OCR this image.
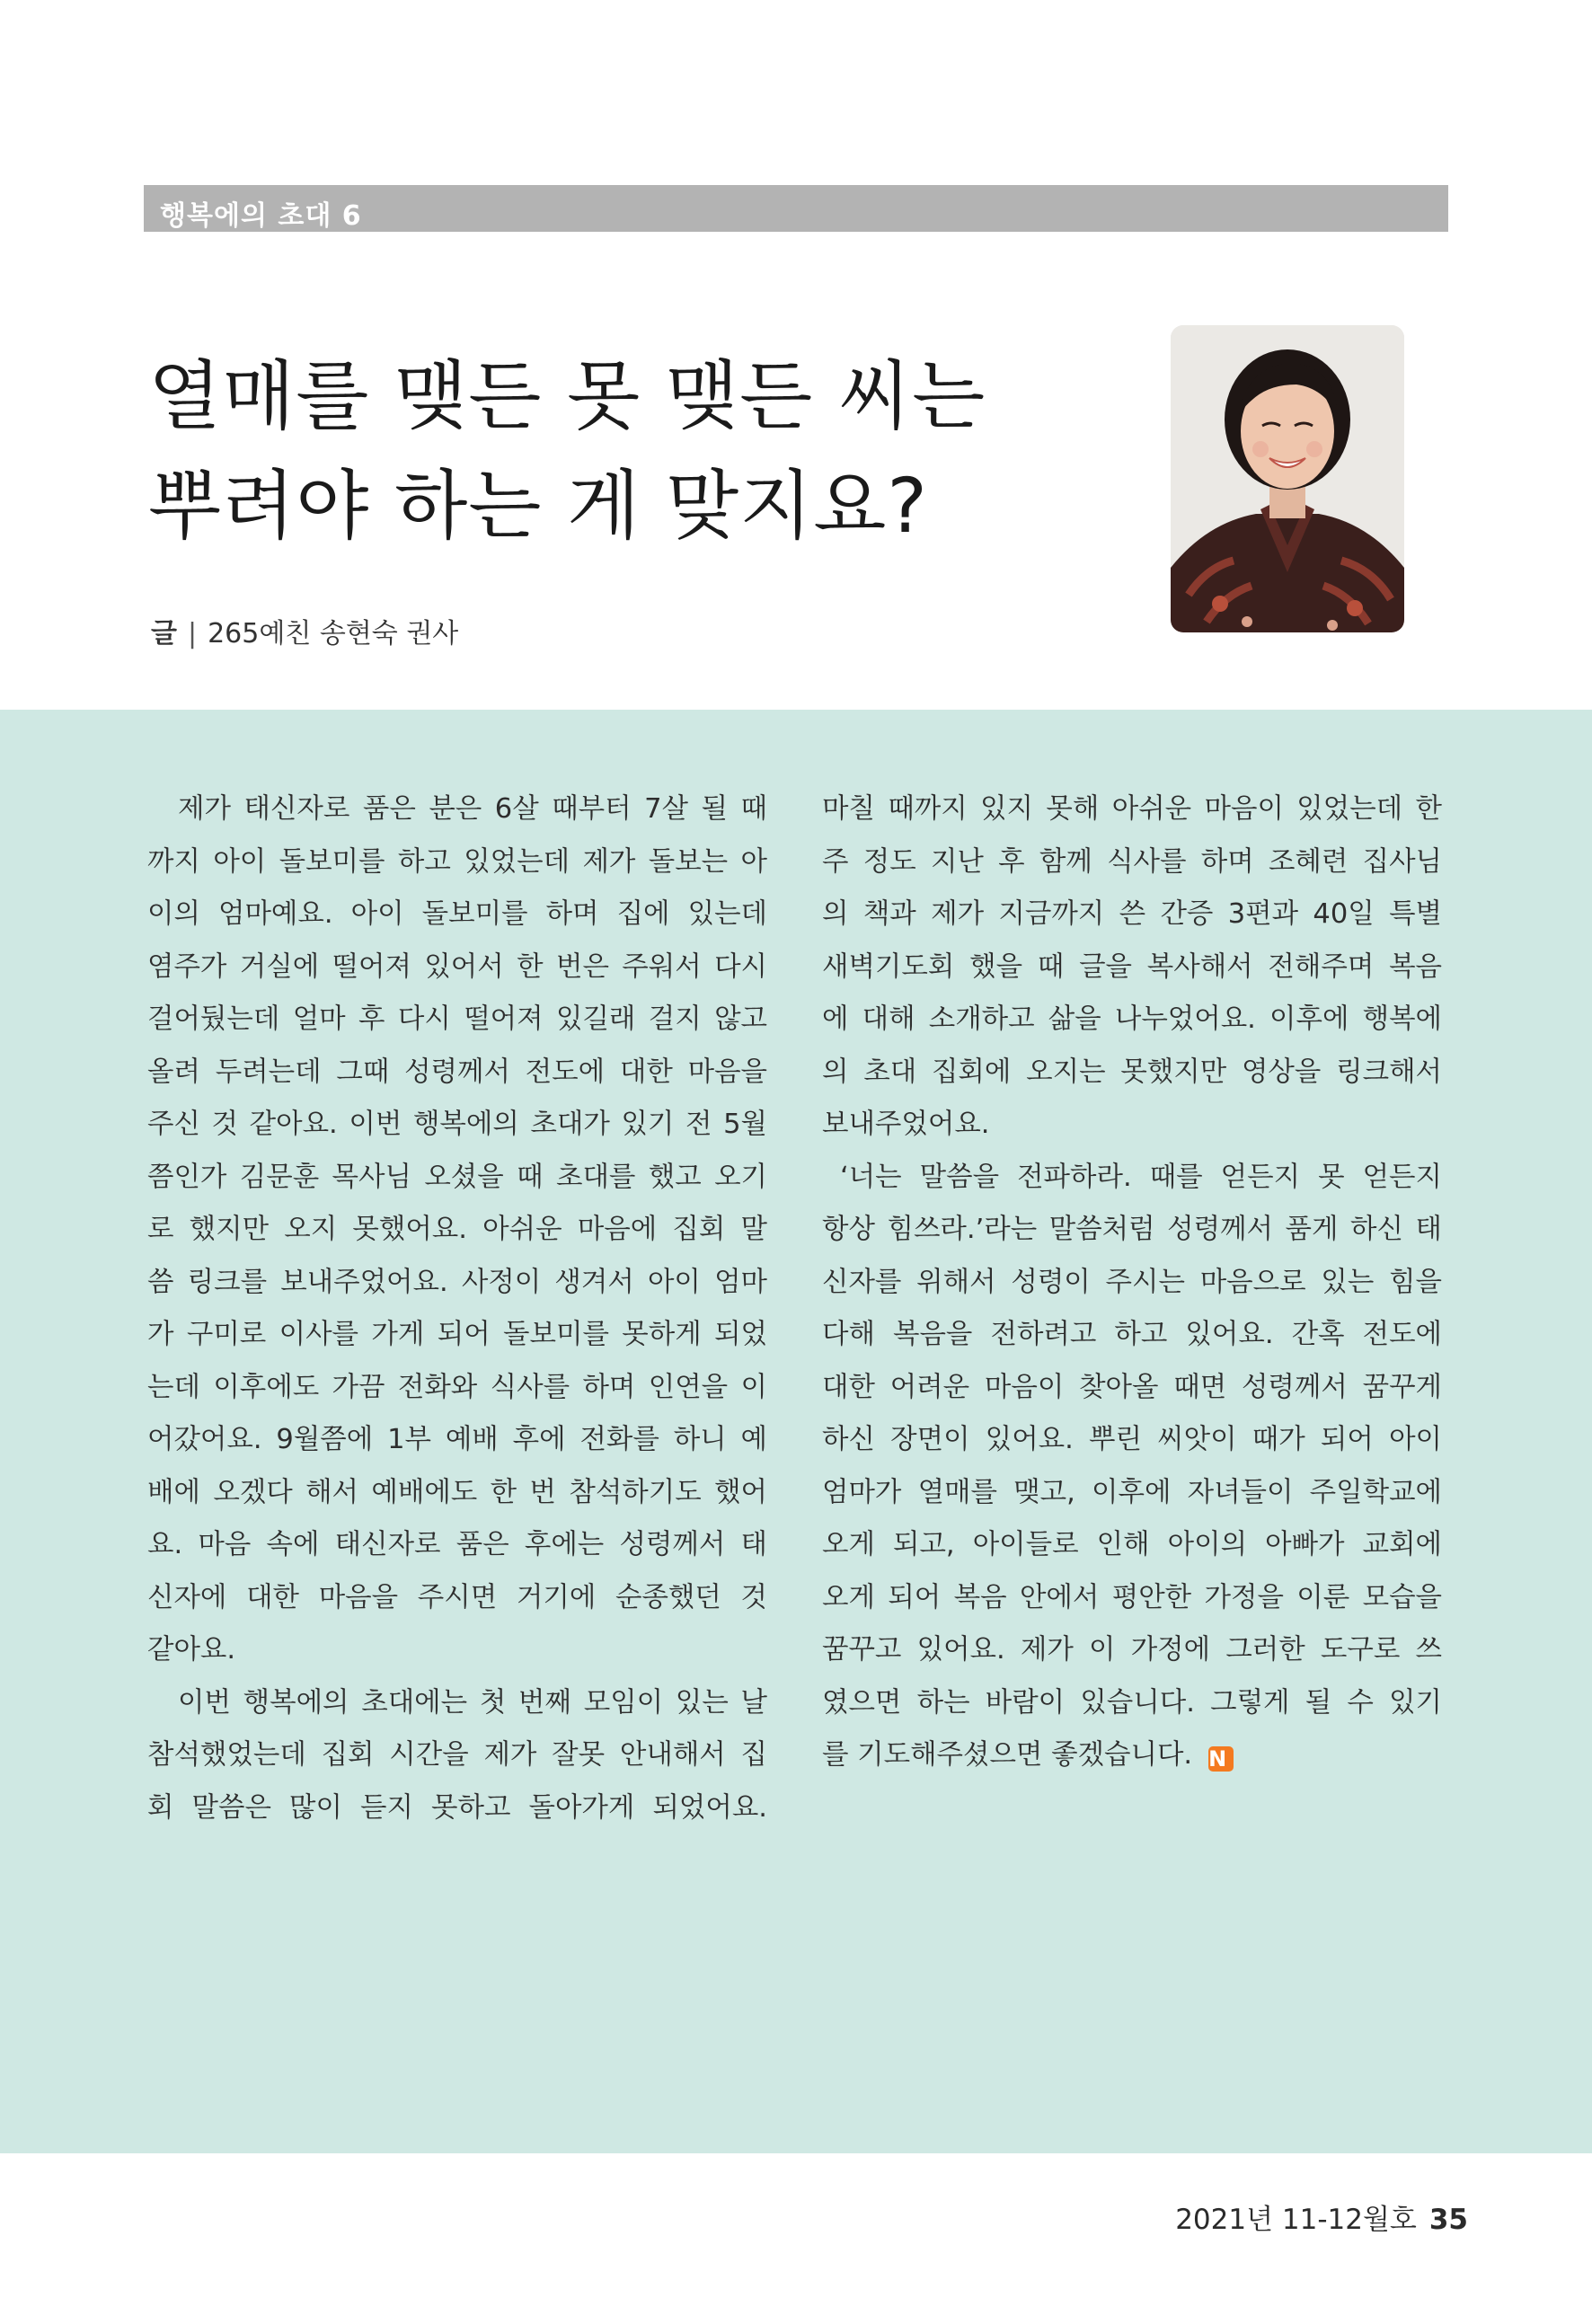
행복에의 초대 6
열매를 맺든 못 맺든 씨는
뿌려야 하는 게 맞지요?
글 | 265예친 송현숙 권사
제가 태신자로 품은 분은 6살 때부터 7살 될 때
까지 아이 돌보미를 하고 있었는데 제가 돌보는 아
이의 엄마예요. 아이 돌보미를 하며 집에 있는데
염주가 거실에 떨어져 있어서 한 번은 주워서 다시
걸어뒀는데 얼마 후 다시 떨어져 있길래 걸지 않고
올려 두려는데 그때 성령께서 전도에 대한 마음을
주신 것 같아요. 이번 행복에의 초대가 있기 전 5월
쯤인가 김문훈 목사님 오셨을 때 초대를 했고 오기
로 했지만 오지 못했어요. 아쉬운 마음에 집회 말
씀 링크를 보내주었어요. 사정이 생겨서 아이 엄마
가 구미로 이사를 가게 되어 돌보미를 못하게 되었
는데 이후에도 가끔 전화와 식사를 하며 인연을 이
어갔어요. 9월쯤에 1부 예배 후에 전화를 하니 예
배에 오겠다 해서 예배에도 한 번 참석하기도 했어
요. 마음 속에 태신자로 품은 후에는 성령께서 태
신자에 대한 마음을 주시면 거기에 순종했던 것
같아요.
이번 행복에의 초대에는 첫 번째 모임이 있는 날
참석했었는데 집회 시간을 제가 잘못 안내해서 집
회 말씀은 많이 듣지 못하고 돌아가게 되었어요.
마칠 때까지 있지 못해 아쉬운 마음이 있었는데 한
주 정도 지난 후 함께 식사를 하며 조혜련 집사님
의 책과 제가 지금까지 쓴 간증 3편과 40일 특별
새벽기도회 했을 때 글을 복사해서 전해주며 복음
에 대해 소개하고 삶을 나누었어요. 이후에 행복에
의 초대 집회에 오지는 못했지만 영상을 링크해서
보내주었어요.
‘너는 말씀을 전파하라. 때를 얻든지 못 얻든지
항상 힘쓰라.’라는 말씀처럼 성령께서 품게 하신 태
신자를 위해서 성령이 주시는 마음으로 있는 힘을
다해 복음을 전하려고 하고 있어요. 간혹 전도에
대한 어려운 마음이 찾아올 때면 성령께서 꿈꾸게
하신 장면이 있어요. 뿌린 씨앗이 때가 되어 아이
엄마가 열매를 맺고, 이후에 자녀들이 주일학교에
오게 되고, 아이들로 인해 아이의 아빠가 교회에
오게 되어 복음 안에서 평안한 가정을 이룬 모습을
꿈꾸고 있어요. 제가 이 가정에 그러한 도구로 쓰
였으면 하는 바람이 있습니다. 그렇게 될 수 있기
를 기도해주셨으면 좋겠습니다. N
2021년 11-12월호 35
